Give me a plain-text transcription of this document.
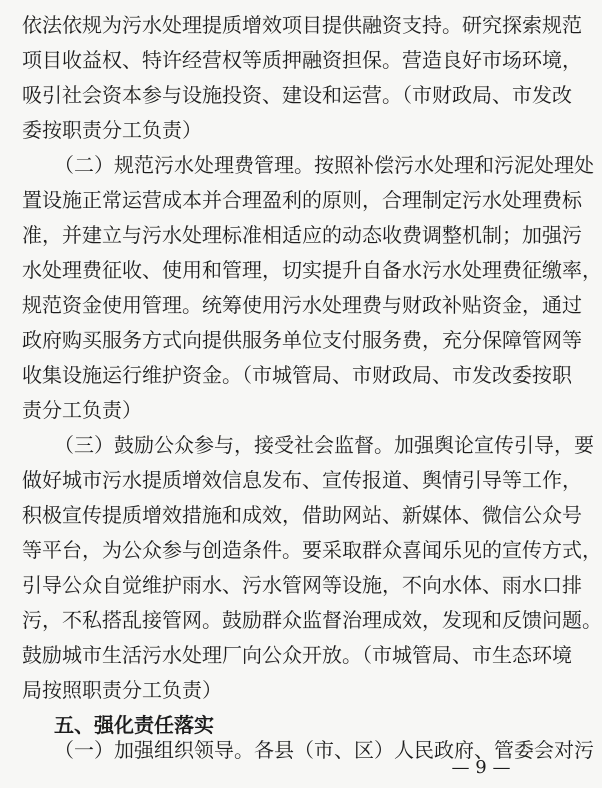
依法依规为污水处理提质增效项目提供融资支持。研究探索规范
项目收益权、特许经营权等质押融资担保。营造良好市场环境，
吸引社会资本参与设施投资、建设和运营。（市财政局、市发改
委按职责分工负责）
（二）规范污水处理费管理。按照补偿污水处理和污泥处理处
置设施正常运营成本并合理盈利的原则，合理制定污水处理费标
准，并建立与污水处理标准相适应的动态收费调整机制；加强污
水处理费征收、使用和管理，切实提升自备水污水处理费征缴率，
规范资金使用管理。统筹使用污水处理费与财政补贴资金，通过
政府购买服务方式向提供服务单位支付服务费，充分保障管网等
收集设施运行维护资金。（市城管局、市财政局、市发改委按职
责分工负责）
（三）鼓励公众参与，接受社会监督。加强舆论宣传引导，要
做好城市污水提质增效信息发布、宣传报道、舆情引导等工作，
积极宣传提质增效措施和成效，借助网站、新媒体、微信公众号
等平台，为公众参与创造条件。要采取群众喜闻乐见的宣传方式，
引导公众自觉维护雨水、污水管网等设施，不向水体、雨水口排
污，不私搭乱接管网。鼓励群众监督治理成效，发现和反馈问题。
鼓励城市生活污水处理厂向公众开放。（市城管局、市生态环境
局按照职责分工负责）
五、强化责任落实
（一）加强组织领导。各县（市、区）人民政府、管委会对污
— 9 —
